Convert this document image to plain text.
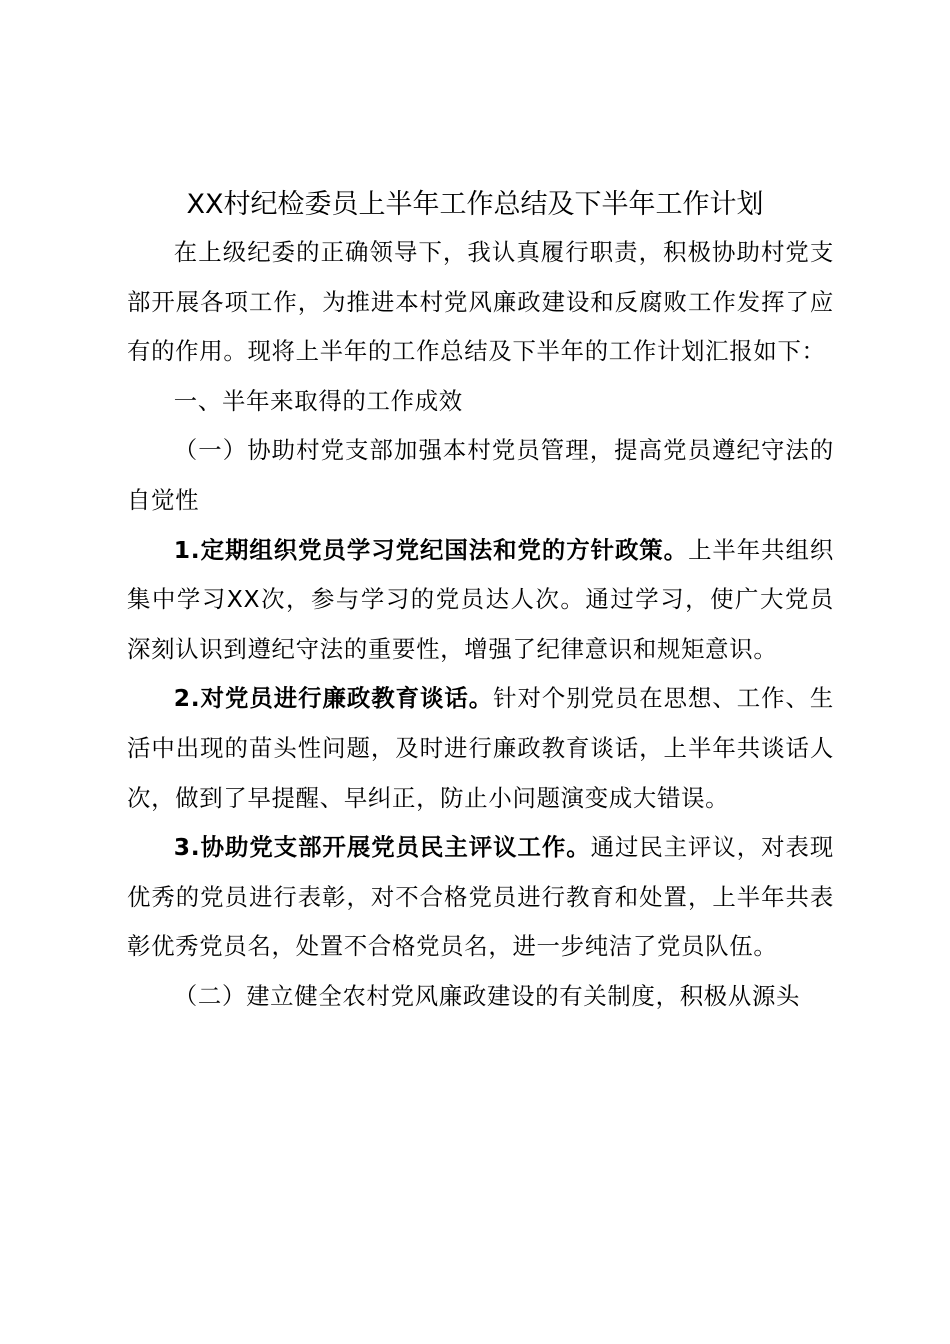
XX村纪检委员上半年工作总结及下半年工作计划

在上级纪委的正确领导下，我认真履行职责，积极协助村党支部开展各项工作，为推进本村党风廉政建设和反腐败工作发挥了应有的作用。现将上半年的工作总结及下半年的工作计划汇报如下：

一、半年来取得的工作成效

（一）协助村党支部加强本村党员管理，提高党员遵纪守法的自觉性

1.定期组织党员学习党纪国法和党的方针政策。上半年共组织集中学习XX次，参与学习的党员达人次。通过学习，使广大党员深刻认识到遵纪守法的重要性，增强了纪律意识和规矩意识。

2.对党员进行廉政教育谈话。针对个别党员在思想、工作、生活中出现的苗头性问题，及时进行廉政教育谈话，上半年共谈话人次，做到了早提醒、早纠正，防止小问题演变成大错误。

3.协助党支部开展党员民主评议工作。通过民主评议，对表现优秀的党员进行表彰，对不合格党员进行教育和处置，上半年共表彰优秀党员名，处置不合格党员名，进一步纯洁了党员队伍。

（二）建立健全农村党风廉政建设的有关制度，积极从源头
